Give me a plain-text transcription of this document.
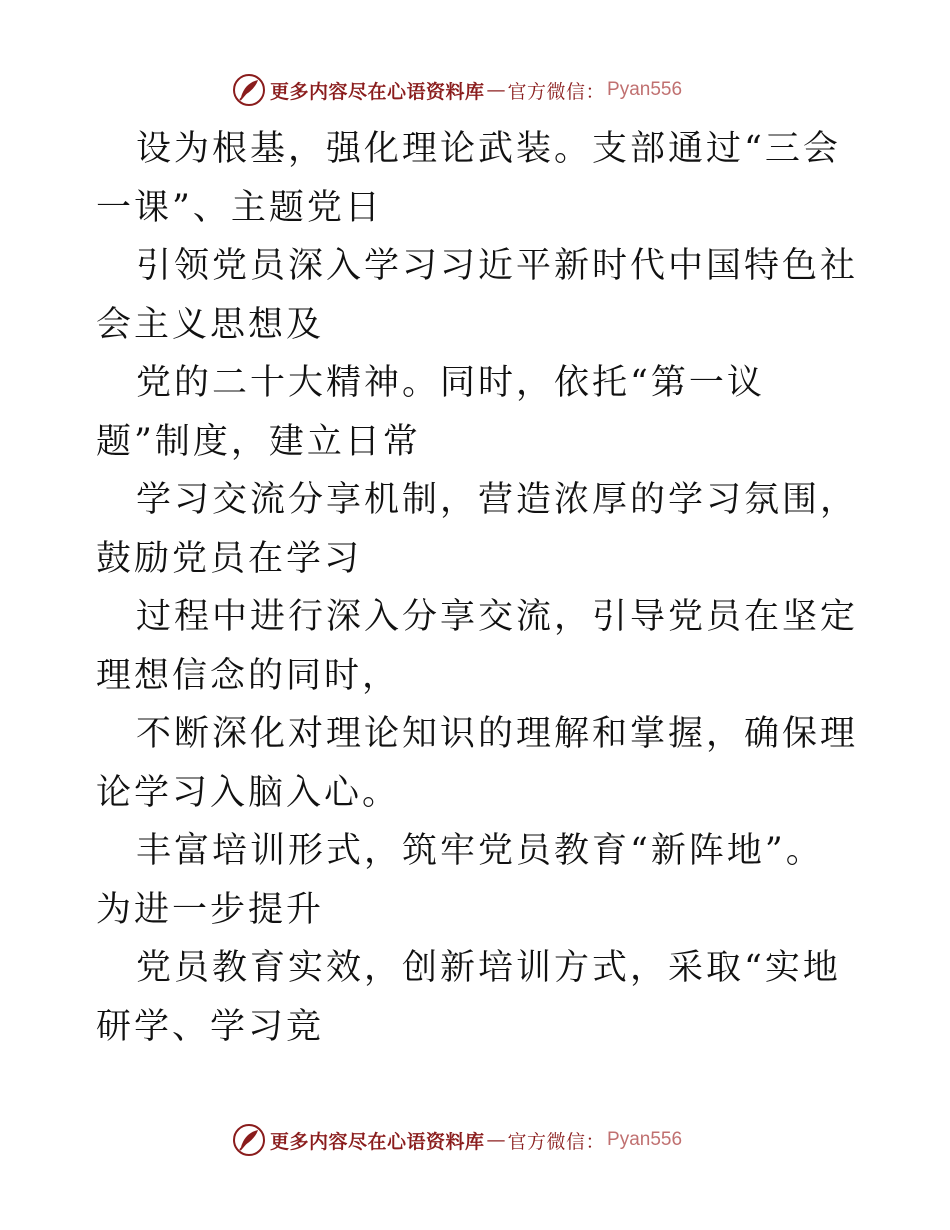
更多内容尽在心语资料库 — 官方微信： Pyan556

设为根基，强化理论武装。支部通过“三会一课”、主题党日

引领党员深入学习习近平新时代中国特色社会主义思想及

党的二十大精神。同时，依托“第一议题”制度，建立日常

学习交流分享机制，营造浓厚的学习氛围，鼓励党员在学习

过程中进行深入分享交流，引导党员在坚定理想信念的同时，

不断深化对理论知识的理解和掌握，确保理论学习入脑入心。

丰富培训形式，筑牢党员教育“新阵地”。为进一步提升

党员教育实效，创新培训方式，采取“实地研学、学习竞

更多内容尽在心语资料库 — 官方微信： Pyan556
